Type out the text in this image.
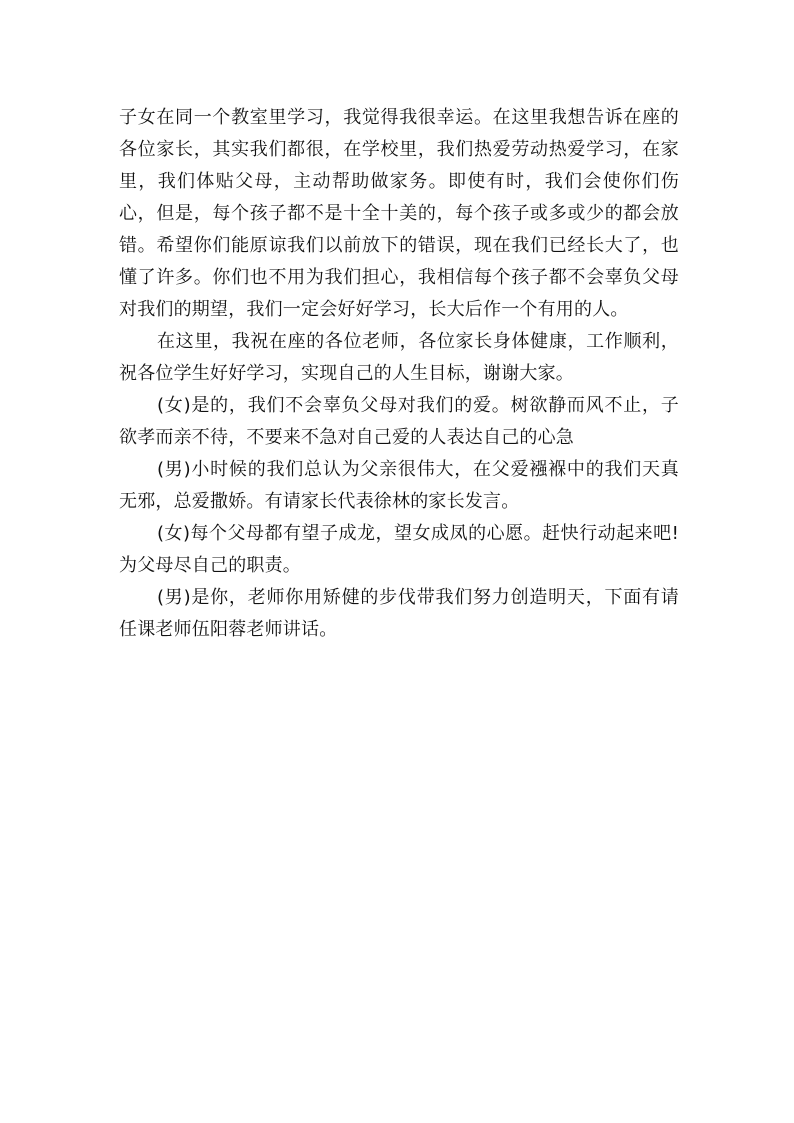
子女在同一个教室里学习，我觉得我很幸运。在这里我想告诉在座的各位家长，其实我们都很，在学校里，我们热爱劳动热爱学习，在家里，我们体贴父母，主动帮助做家务。即使有时，我们会使你们伤心，但是，每个孩子都不是十全十美的，每个孩子或多或少的都会放错。希望你们能原谅我们以前放下的错误，现在我们已经长大了，也懂了许多。你们也不用为我们担心，我相信每个孩子都不会辜负父母对我们的期望，我们一定会好好学习，长大后作一个有用的人。

在这里，我祝在座的各位老师，各位家长身体健康，工作顺利，祝各位学生好好学习，实现自己的人生目标，谢谢大家。

(女)是的，我们不会辜负父母对我们的爱。树欲静而风不止，子欲孝而亲不待，不要来不急对自己爱的人表达自己的心急

(男)小时候的我们总认为父亲很伟大，在父爱襁褓中的我们天真无邪，总爱撒娇。有请家长代表徐林的家长发言。

(女)每个父母都有望子成龙，望女成凤的心愿。赶快行动起来吧!为父母尽自己的职责。

(男)是你，老师你用矫健的步伐带我们努力创造明天，下面有请任课老师伍阳蓉老师讲话。
